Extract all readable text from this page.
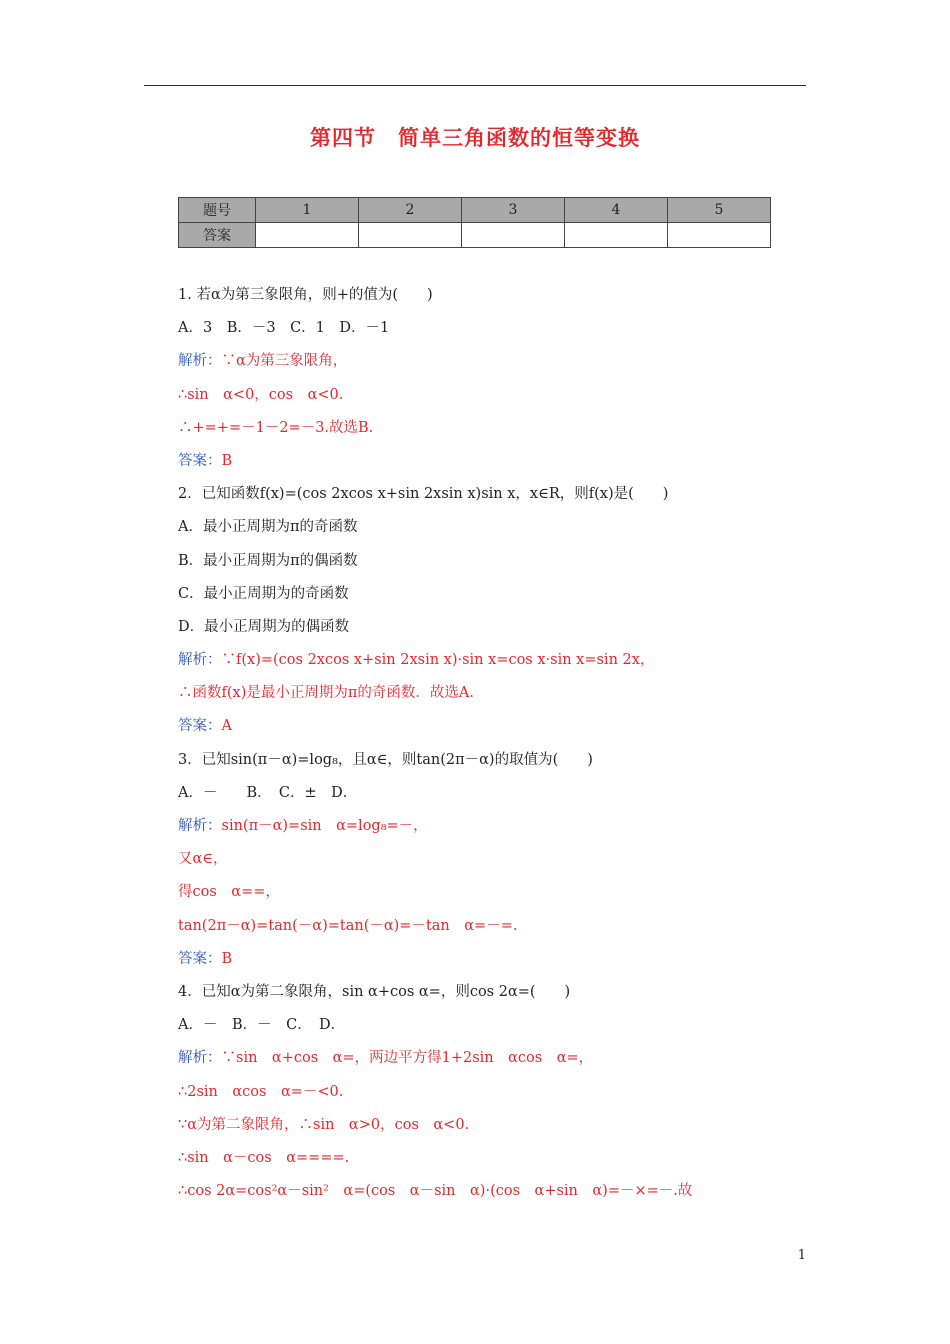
第四节　简单三角函数的恒等变换
题号	1	2	3	4	5
答案					
1. 若α为第三象限角，则+的值为(　　)
A．3　B．－3　C．1　D．－1
解析：∵α为第三象限角，
∴sin　α<0，cos　α<0.
∴+=+=－1－2=－3.故选B.
答案：B
2．已知函数f(x)=(cos 2xcos x+sin 2xsin x)sin x，x∈R，则f(x)是(　　)
A．最小正周期为π的奇函数
B．最小正周期为π的偶函数
C．最小正周期为的奇函数
D．最小正周期为的偶函数
解析：∵f(x)=(cos 2xcos x+sin 2xsin x)·sin x=cos x·sin x=sin 2x，
∴函数f(x)是最小正周期为π的奇函数．故选A.
答案：A
3．已知sin(π－α)=log₈，且α∈，则tan(2π－α)的取值为(　　)
A．－　　B．　C．±　D．
解析：sin(π－α)=sin　α=log₈=－，
又α∈，
得cos　α==，
tan(2π－α)=tan(－α)=tan(－α)=－tan　α=－=.
答案：B
4．已知α为第二象限角，sin α+cos α=，则cos 2α=(　　)
A．－　B．－　C．　D．
解析：∵sin　α+cos　α=，两边平方得1+2sin　αcos　α=，
∴2sin　αcos　α=－<0.
∵α为第二象限角，∴sin　α>0，cos　α<0.
∴sin　α－cos　α====.
∴cos 2α=cos²α－sin²　α=(cos　α－sin　α)·(cos　α+sin　α)=－×=－.故
1
